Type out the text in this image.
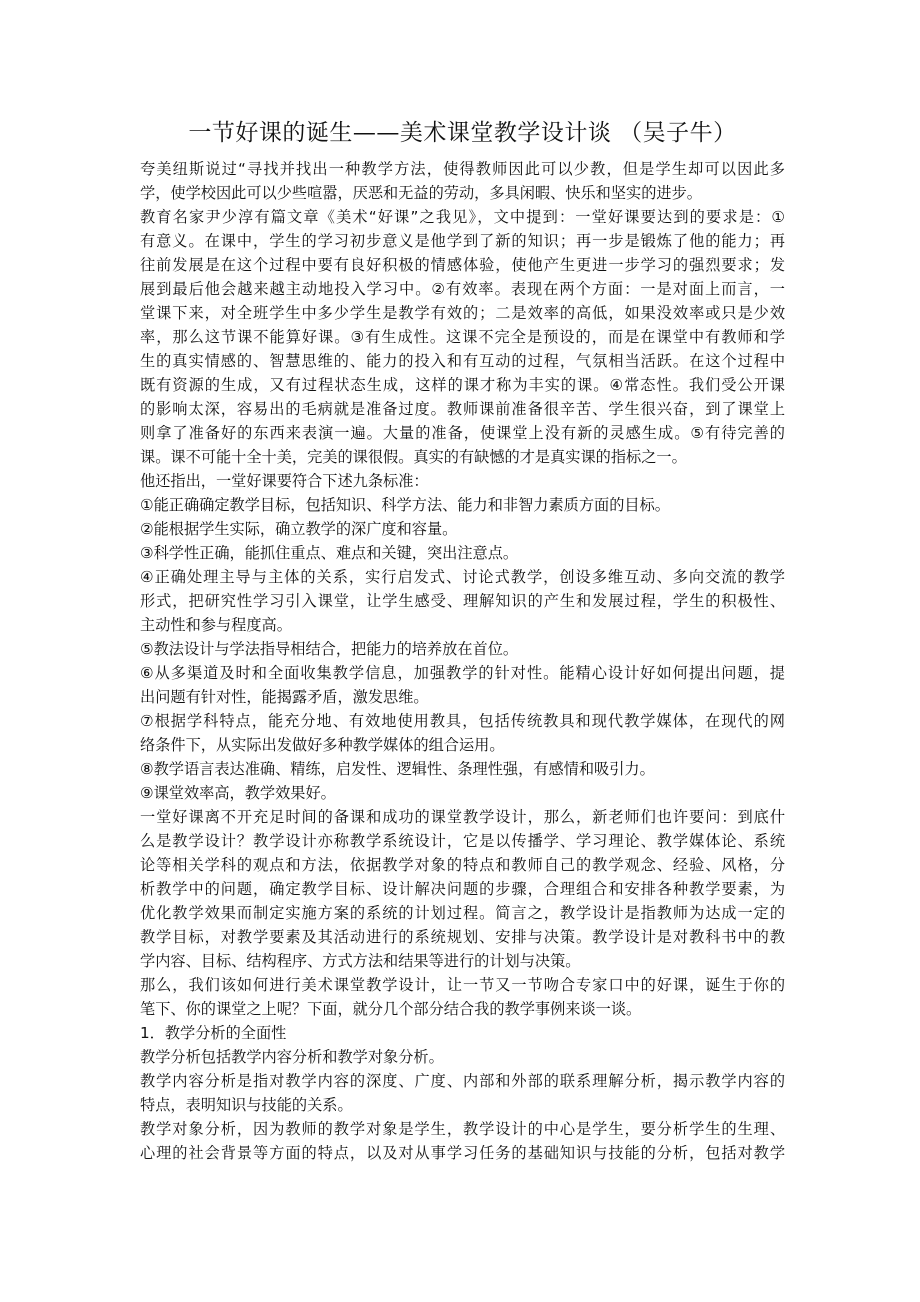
一节好课的诞生——美术课堂教学设计谈 （吴子牛）
夸美纽斯说过“寻找并找出一种教学方法，使得教师因此可以少教，但是学生却可以因此多
学，使学校因此可以少些喧嚣，厌恶和无益的劳动，多具闲暇、快乐和坚实的进步。
教育名家尹少淳有篇文章《美术“好课”之我见》，文中提到：一堂好课要达到的要求是：①
有意义。在课中，学生的学习初步意义是他学到了新的知识；再一步是锻炼了他的能力；再
往前发展是在这个过程中要有良好积极的情感体验，使他产生更进一步学习的强烈要求；发
展到最后他会越来越主动地投入学习中。②有效率。表现在两个方面：一是对面上而言，一
堂课下来，对全班学生中多少学生是教学有效的；二是效率的高低，如果没效率或只是少效
率，那么这节课不能算好课。③有生成性。这课不完全是预设的，而是在课堂中有教师和学
生的真实情感的、智慧思维的、能力的投入和有互动的过程，气氛相当活跃。在这个过程中
既有资源的生成，又有过程状态生成，这样的课才称为丰实的课。④常态性。我们受公开课
的影响太深，容易出的毛病就是准备过度。教师课前准备很辛苦、学生很兴奋，到了课堂上
则拿了准备好的东西来表演一遍。大量的准备，使课堂上没有新的灵感生成。⑤有待完善的
课。课不可能十全十美，完美的课很假。真实的有缺憾的才是真实课的指标之一。
他还指出，一堂好课要符合下述九条标准：
①能正确确定教学目标，包括知识、科学方法、能力和非智力素质方面的目标。
②能根据学生实际，确立教学的深广度和容量。
③科学性正确，能抓住重点、难点和关键，突出注意点。
④正确处理主导与主体的关系，实行启发式、讨论式教学，创设多维互动、多向交流的教学
形式，把研究性学习引入课堂，让学生感受、理解知识的产生和发展过程，学生的积极性、
主动性和参与程度高。
⑤教法设计与学法指导相结合，把能力的培养放在首位。
⑥从多渠道及时和全面收集教学信息，加强教学的针对性。能精心设计好如何提出问题，提
出问题有针对性，能揭露矛盾，激发思维。
⑦根据学科特点，能充分地、有效地使用教具，包括传统教具和现代教学媒体，在现代的网
络条件下，从实际出发做好多种教学媒体的组合运用。
⑧教学语言表达准确、精练，启发性、逻辑性、条理性强，有感情和吸引力。
⑨课堂效率高，教学效果好。
一堂好课离不开充足时间的备课和成功的课堂教学设计，那么，新老师们也许要问：到底什
么是教学设计？教学设计亦称教学系统设计，它是以传播学、学习理论、教学媒体论、系统
论等相关学科的观点和方法，依据教学对象的特点和教师自己的教学观念、经验、风格，分
析教学中的问题，确定教学目标、设计解决问题的步骤，合理组合和安排各种教学要素，为
优化教学效果而制定实施方案的系统的计划过程。简言之，教学设计是指教师为达成一定的
教学目标，对教学要素及其活动进行的系统规划、安排与决策。教学设计是对教科书中的教
学内容、目标、结构程序、方式方法和结果等进行的计划与决策。
那么，我们该如何进行美术课堂教学设计，让一节又一节吻合专家口中的好课，诞生于你的
笔下、你的课堂之上呢？下面，就分几个部分结合我的教学事例来谈一谈。
1．教学分析的全面性
教学分析包括教学内容分析和教学对象分析。
教学内容分析是指对教学内容的深度、广度、内部和外部的联系理解分析，揭示教学内容的
特点，表明知识与技能的关系。
教学对象分析，因为教师的教学对象是学生，教学设计的中心是学生，要分析学生的生理、
心理的社会背景等方面的特点，以及对从事学习任务的基础知识与技能的分析，包括对教学
